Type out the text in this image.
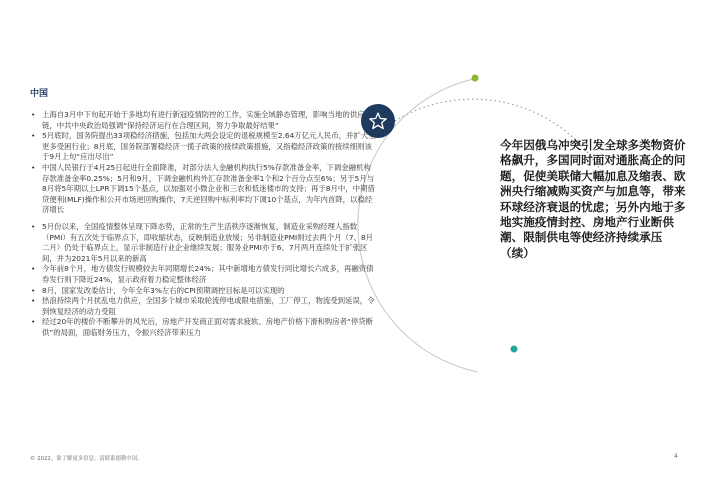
中国
• 上海自3月中下旬起开始于多地均有进行新冠疫情防控的工作，实施全域静态管理，影响当地的供应链，中共中央政治局强调“保持经济运行在合理区间，努力争取最好结果”
• 5月底时，国务院提出33项稳经济措施，包括加大两会设定的退税规模至2.64万亿元人民币，并扩大至更多受困行业；8月底，国务院部署稳经济一揽子政策的接续政策措施，又指稳经济政策的接续细则该于9月上旬“应出尽出”
• 中国人民银行于4月25日起进行全面降准，对部分法人金融机构执行5%存款准备金率，下调金融机构存款准备金率0.25%；5月和9月，下调金融机构外汇存款准备金率1个和2个百分点至6%；另于5月与8月将5年期以上LPR下调15个基点，以加强对小微企业和三农和低迷楼市的支持；再于8月中，中期借贷便利(MLF)操作和公开市场逆回购操作，7天逆回购中标利率均下调10个基点，为年内首降，以稳经济增长
• 5月份以来，全国疫情整体呈现下降态势，正常的生产生活秩序逐渐恢复，制造业采购经理人指数（PMI）有五次处于临界点下，即收缩状态，反映制造业放缓；另非制造业PMI则过去两个月（7、8月二月）仍处于临界点上，显示非制造行业企业继续发展；服务业PMI亦于6、7月两月连续处于扩张区间，并为2021年5月以来的新高
• 今年前8个月，地方债发行规模较去年同期增长24%；其中新增地方债发行同比增长六成多，再融资债券发行则下降近24%，显示政府着力稳定整体经济
• 8月，国家发改委估计，今年全年3%左右的CPI预期调控目标是可以实现的
• 热浪持续两个月扰乱电力供应，全国多个城市采取轮流停电或限电措施，工厂停工，物流受到延误，令到恢复经济的动力受阻
• 经过20年的楼价不断攀升的风光后，房地产开发商正面对需求疲软、房地产价格下滑和购房者“停贷断供”的局面，面临财务压力，令振兴经济带来压力
今年因俄乌冲突引发全球多类物资价格飙升，多国同时面对通胀高企的问题，促使美联储大幅加息及缩表、欧洲央行缩减购买资产与加息等，带来环球经济衰退的忧虑；另外内地于多地实施疫情封控、房地产行业断供潮、限制供电等使经济持续承压（续）
© 2022。欲了解更多信息，请联系德勤中国。	4
